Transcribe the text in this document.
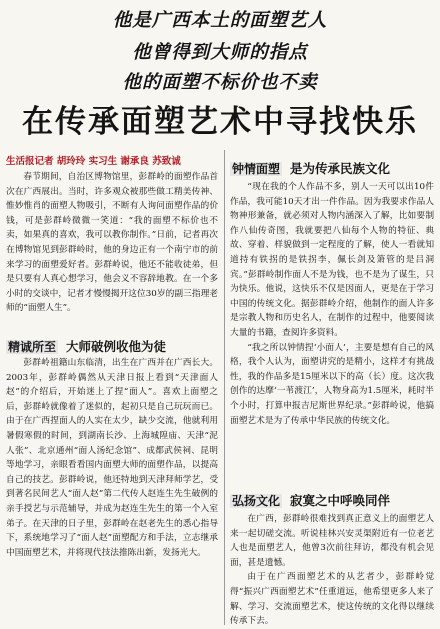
他是广西本土的面塑艺人
他曾得到大师的指点
他的面塑不标价也不卖
在传承面塑艺术中寻找快乐
生活报记者 胡玲玲 实习生 谢承良 苏致诚

春节期间，自治区博物馆里，彭群岭的面塑作品首次在广西展出。当时，许多观众被那些做工精美传神、惟妙惟肖的面塑人物吸引，不断有人询问面塑作品的价钱，可是彭群岭微微一笑道：“我的面塑不标价也不卖，如果真的喜欢，我可以教你制作。”日前，记者再次在博物馆见到彭群岭时，他的身边正有一个南宁市的前来学习的面塑爱好者。彭群岭说，他还不能收徒弟，但是只要有人真心想学习，他会义不容辞地教。在一个多小时的交谈中，记者才慢慢揭开这位30岁的副三指理老师的“面塑人生”。

精诚所至 大师破例收他为徒

彭群岭祖籍山东临清，出生在广西并在广西长大。2003年，彭群岭偶然从天津日报上看到“天津面人赵”的介绍后，开始迷上了捏“面人”。喜欢上面塑之后，彭群岭就像着了迷似的，起初只是自己玩玩而已。由于在广西捏面人的人实在太少，缺少交流，他就利用暑假寒假的时间，到湖南长沙、上海城隍庙、天津“泥人张”、北京通州“面人汤纪念馆”、成都武侯祠、昆明等地学习，亲眼看看国内面塑大师的面塑作品，以提高自己的技艺。彭群岭说，他还特地到天津拜师学艺，受到著名民间艺人“面人赵”第二代传人赵连生先生破例的亲手授艺与示范辅导，并成为赵连生先生的第一个入室弟子。在天津的日子里，彭群岭在赵老先生的悉心指导下，系统地学习了“面人赵”面塑配方和手法，立志继承中国面塑艺术，并将现代技法推陈出新，发扬光大。

钟情面塑 是为传承民族文化

“现在我的个人作品不多，别人一天可以出10件作品，我可能10天才出一件作品。因为我要求作品人物神形兼备，就必须对人物内涵深入了解，比如要制作八仙传奇图，我就要把八仙每个人物的特征、典故、穿着、样貌做到一定程度的了解，使人一看就知道持有铁拐的是铁拐李，佩长剑及箫管的是吕洞宾。”彭群岭制作面人不是为钱，也不是为了谋生，只为快乐。他说，这快乐不仅是因面人，更是在于学习中国的传统文化。据彭群岭介绍，他制作的面人许多是宗教人物和历史名人，在制作的过程中，他要阅读大量的书籍，查阅许多资料。

“我之所以钟情捏‘小面人’，主要是想有自己的风格，我个人认为，面塑讲究的是精小，这样才有挑战性，我的作品多是15厘米以下的高（长）度。这次我创作的达摩‘一苇渡江’，人物身高为1.5厘米，耗时半个小时，打算申报吉尼斯世界纪录。”彭群岭说，他搞面塑艺术是为了传承中华民族的传统文化。

弘扬文化 寂寞之中呼唤同伴

在广西，彭群岭很难找到真正意义上的面塑艺人来一起切磋交流。听说桂林兴安灵渠附近有一位老艺人也是面塑艺人，他曾3次前往拜访，都没有机会见面，甚是遗憾。

由于在广西面塑艺术的从艺者少，彭群岭觉得“振兴广西面塑艺术”任重道远，他希望更多人来了解、学习、交流面塑艺术，使这传统的文化得以继续传承下去。
